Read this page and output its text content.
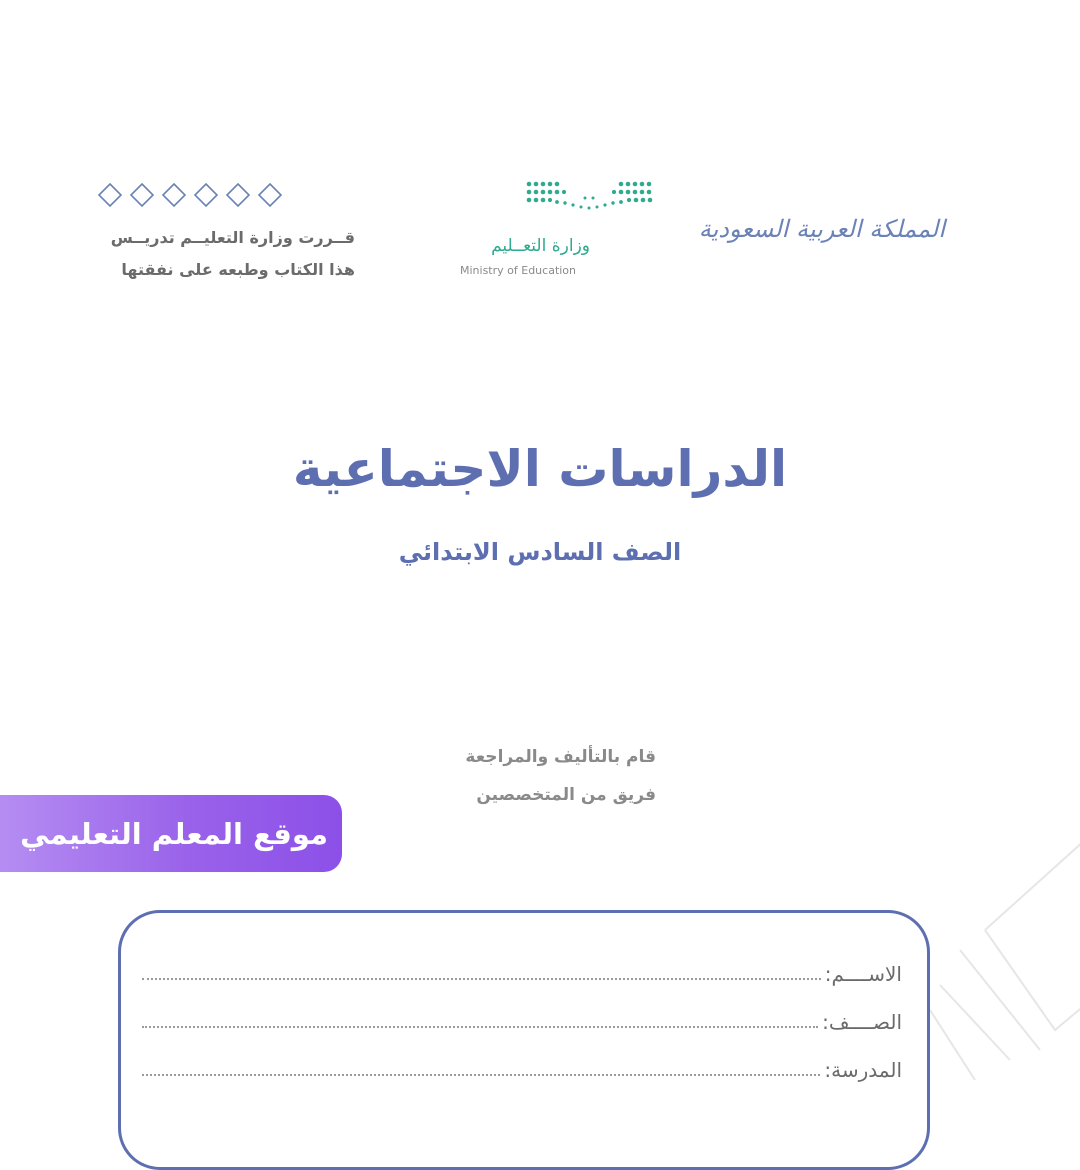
قــررت وزارة التعليــم تدريــس
هذا الكتاب وطبعه على نفقتها
وزارة التعــليم
Ministry of Education
المملكة العربية السعودية
الدراسات الاجتماعية
الصف السادس الابتدائي
قام بالتأليف والمراجعة
فريق من المتخصصين
موقع المعلم التعليمي
الاســــم:
الصــــف:
المدرسة:
